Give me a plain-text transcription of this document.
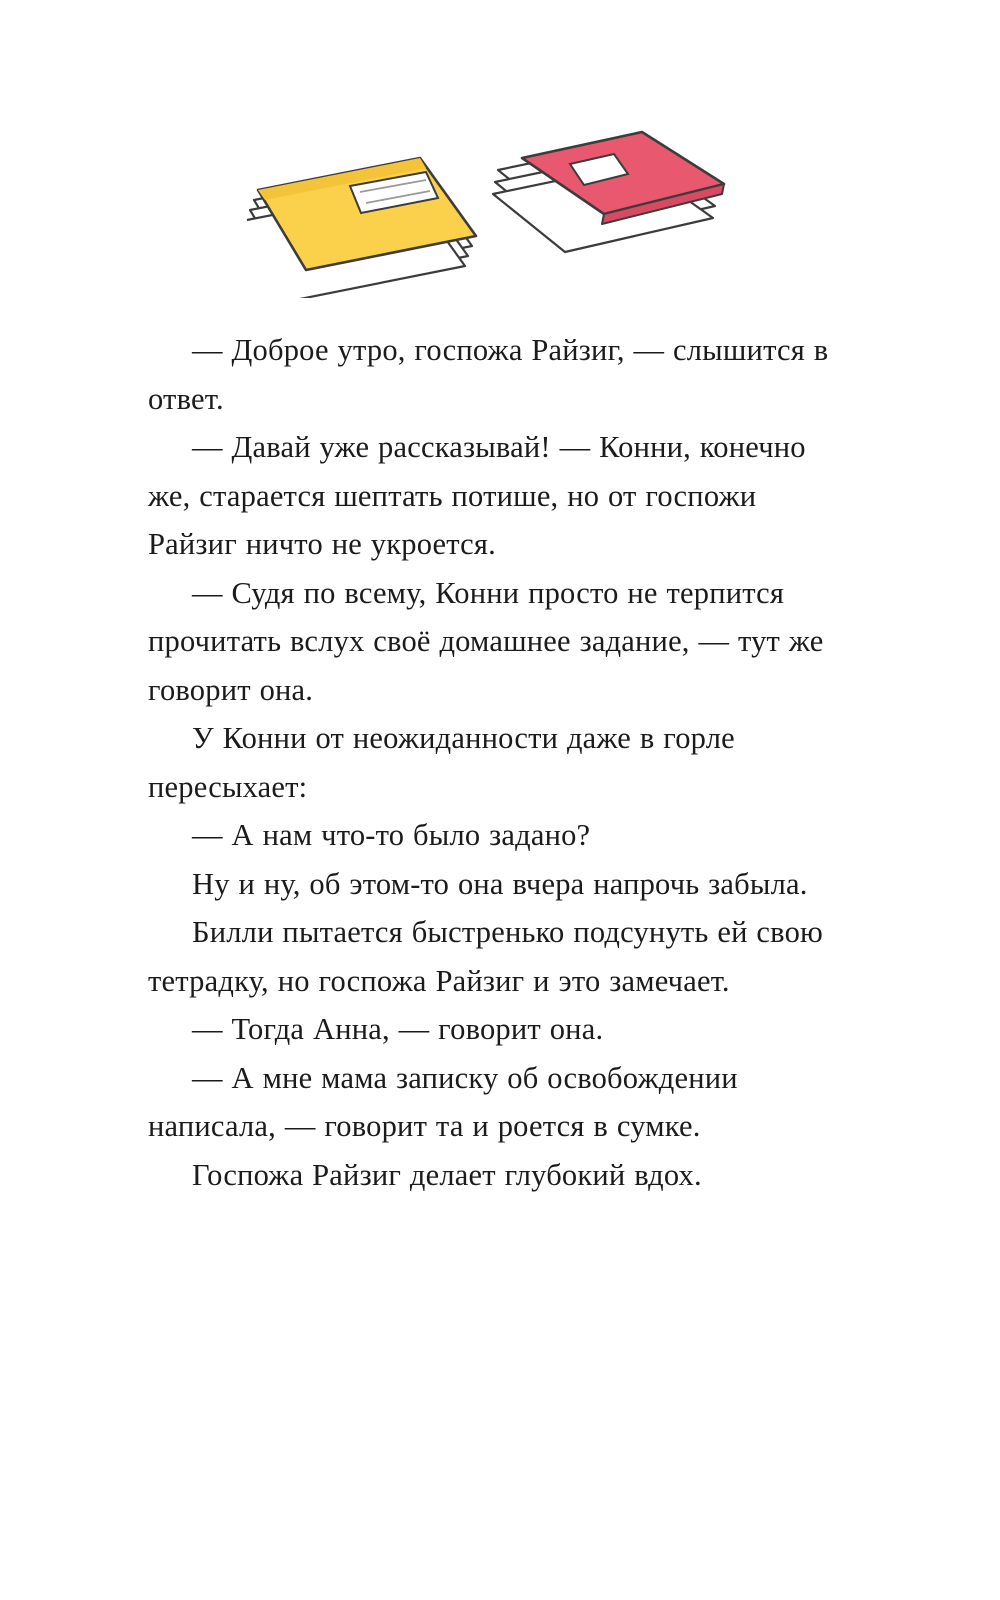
— Доброе утро, госпожа Райзиг, — слышится в ответ.

— Давай уже рассказывай! — Конни, конечно же, старается шептать потише, но от госпожи Райзиг ничто не укроется.

— Судя по всему, Конни просто не терпится прочитать вслух своё домашнее задание, — тут же говорит она.

У Конни от неожиданности даже в горле пересыхает:

— А нам что-то было задано?

Ну и ну, об этом-то она вчера напрочь забыла.

Билли пытается быстренько подсунуть ей свою тетрадку, но госпожа Райзиг и это замечает.

— Тогда Анна, — говорит она.

— А мне мама записку об освобождении написала, — говорит та и роется в сумке.

Госпожа Райзиг делает глубокий вдох.
